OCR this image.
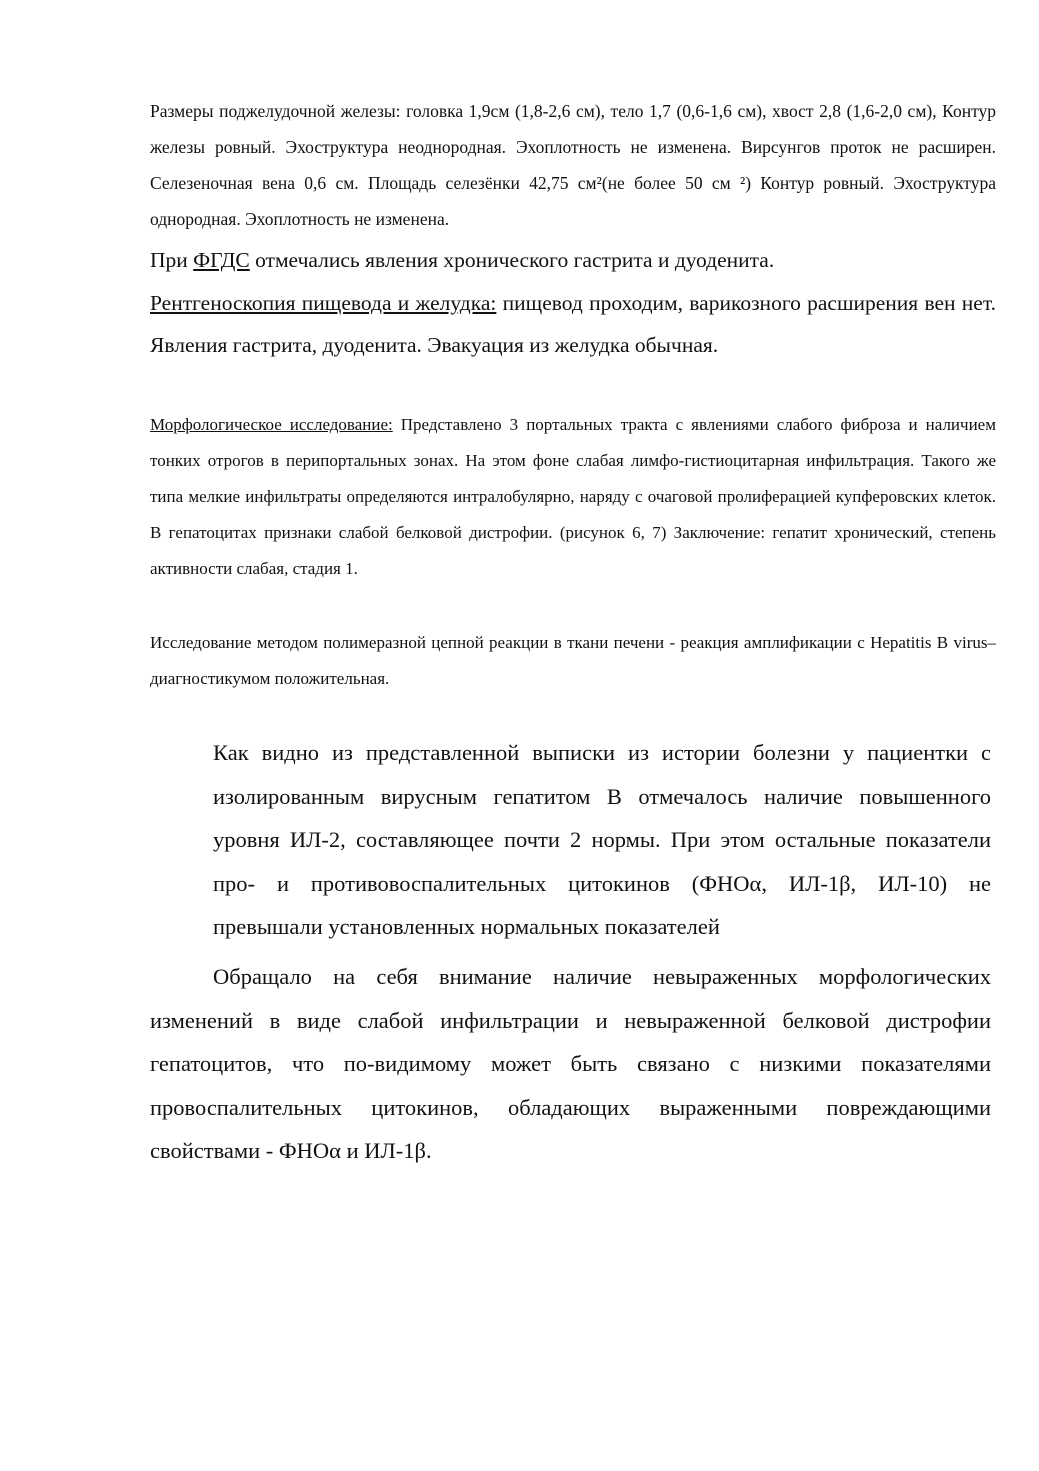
Размеры поджелудочной железы: головка 1,9см (1,8-2,6 см), тело 1,7 (0,6-1,6 см), хвост 2,8 (1,6-2,0 см), Контур железы ровный. Эхоструктура неоднородная. Эхоплотность не изменена. Вирсунгов проток не расширен. Селезеночная вена 0,6 см. Площадь селезёнки 42,75 см²(не более 50 см ²) Контур ровный. Эхоструктура однородная. Эхоплотность не изменена.

При ФГДС отмечались явления хронического гастрита и дуоденита.

Рентгеноскопия пищевода и желудка: пищевод проходим, варикозного расширения вен нет. Явления гастрита, дуоденита. Эвакуация из желудка обычная.

Морфологическое исследование: Представлено 3 портальных тракта с явлениями слабого фиброза и наличием тонких отрогов в перипортальных зонах. На этом фоне слабая лимфо-гистиоцитарная инфильтрация. Такого же типа мелкие инфильтраты определяются интралобулярно, наряду с очаговой пролиферацией купферовских клеток. В гепатоцитах признаки слабой белковой дистрофии. (рисунок 6, 7) Заключение: гепатит хронический, степень активности слабая, стадия 1.

Исследование методом полимеразной цепной реакции в ткани печени - реакция амплификации с Hepatitis B virus–диагностикумом положительная.

Как видно из представленной выписки из истории болезни у пациентки с изолированным вирусным гепатитом В отмечалось наличие повышенного уровня ИЛ-2, составляющее почти 2 нормы. При этом остальные показатели про- и противовоспалительных цитокинов (ФНОα, ИЛ-1β, ИЛ-10) не превышали установленных нормальных показателей

Обращало на себя внимание наличие невыраженных морфологических изменений в виде слабой инфильтрации и невыраженной белковой дистрофии гепатоцитов, что по-видимому может быть связано с низкими показателями провоспалительных цитокинов, обладающих выраженными повреждающими свойствами - ФНОα и ИЛ-1β.
